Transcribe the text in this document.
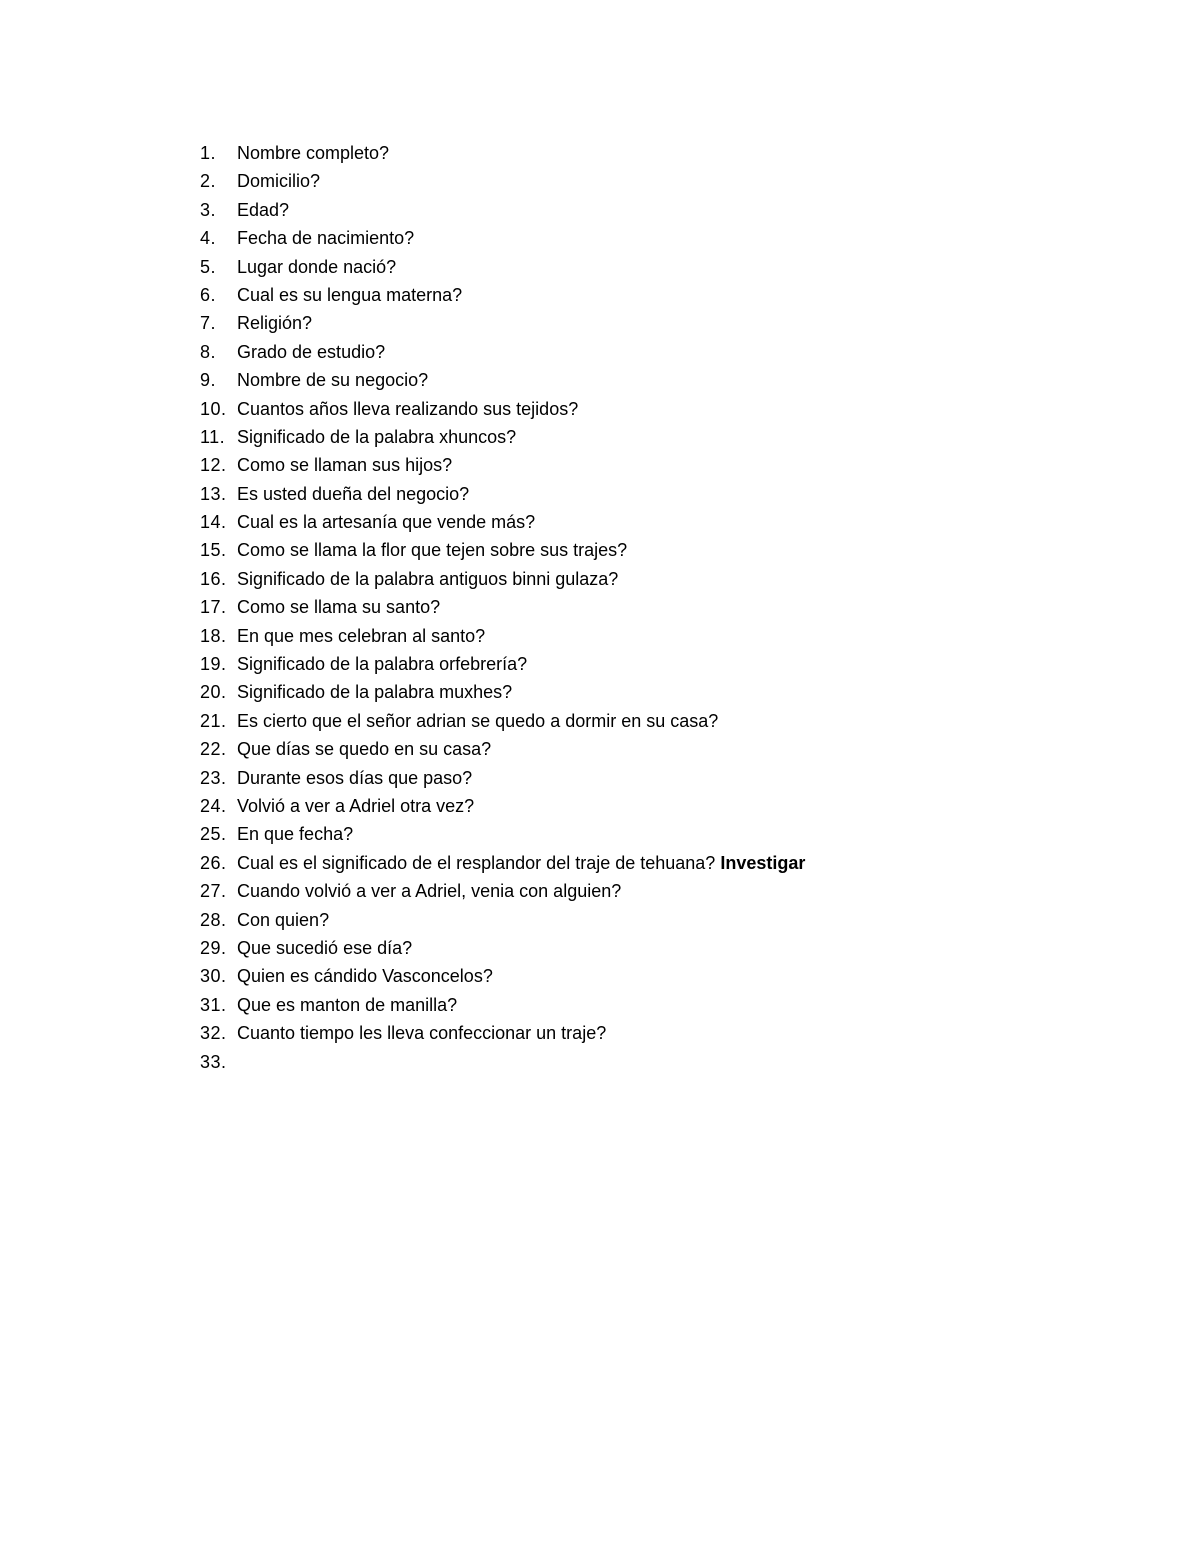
1.	Nombre completo?
2.	Domicilio?
3.	Edad?
4.	Fecha de nacimiento?
5.	Lugar donde nació?
6.	Cual es su lengua materna?
7.	Religión?
8.	Grado de estudio?
9.	Nombre de su negocio?
10. Cuantos años lleva realizando sus tejidos?
11. Significado de la palabra xhuncos?
12. Como se llaman sus hijos?
13. Es usted dueña del negocio?
14. Cual es la artesanía que vende más?
15. Como se llama la flor que tejen sobre sus trajes?
16. Significado de la palabra antiguos binni gulaza?
17. Como se llama su santo?
18. En que mes celebran al santo?
19. Significado de la palabra orfebrería?
20. Significado de la palabra muxhes?
21. Es cierto que el señor adrian se quedo a dormir en su casa?
22. Que días se quedo en su casa?
23. Durante esos días que paso?
24. Volvió a ver a Adriel otra vez?
25. En que fecha?
26. Cual es el significado de el resplandor del traje de tehuana? Investigar
27. Cuando volvió a ver a Adriel, venia con alguien?
28. Con quien?
29. Que sucedió ese día?
30. Quien es cándido Vasconcelos?
31. Que es manton de manilla?
32. Cuanto tiempo les lleva confeccionar un traje?
33.
